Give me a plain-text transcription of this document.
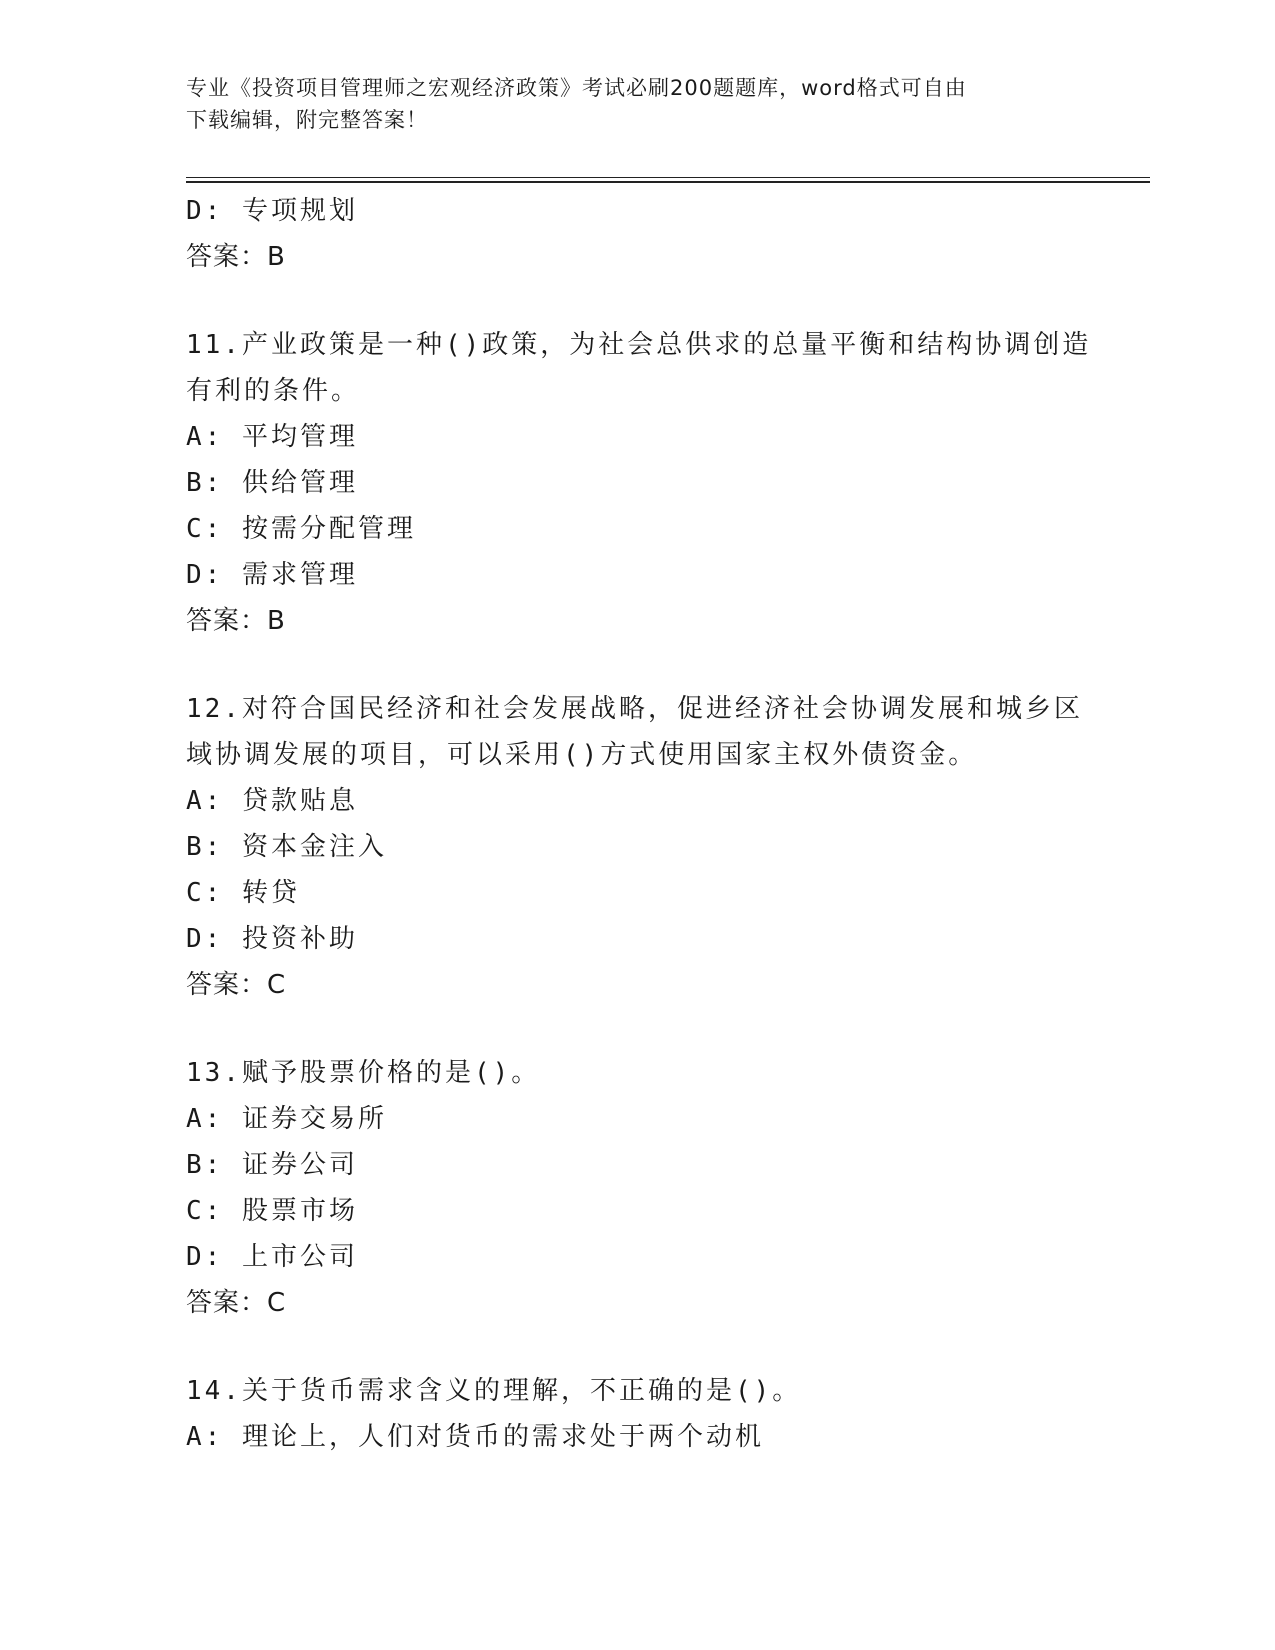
专业《投资项目管理师之宏观经济政策》考试必刷200题题库，word格式可自由
下载编辑，附完整答案！
D: 专项规划
答案：B
11.产业政策是一种()政策，为社会总供求的总量平衡和结构协调创造
有利的条件。
A: 平均管理
B: 供给管理
C: 按需分配管理
D: 需求管理
答案：B
12.对符合国民经济和社会发展战略，促进经济社会协调发展和城乡区
域协调发展的项目，可以采用()方式使用国家主权外债资金。
A: 贷款贴息
B: 资本金注入
C: 转贷
D: 投资补助
答案：C
13.赋予股票价格的是()。
A: 证券交易所
B: 证券公司
C: 股票市场
D: 上市公司
答案：C
14.关于货币需求含义的理解，不正确的是()。
A: 理论上，人们对货币的需求处于两个动机
